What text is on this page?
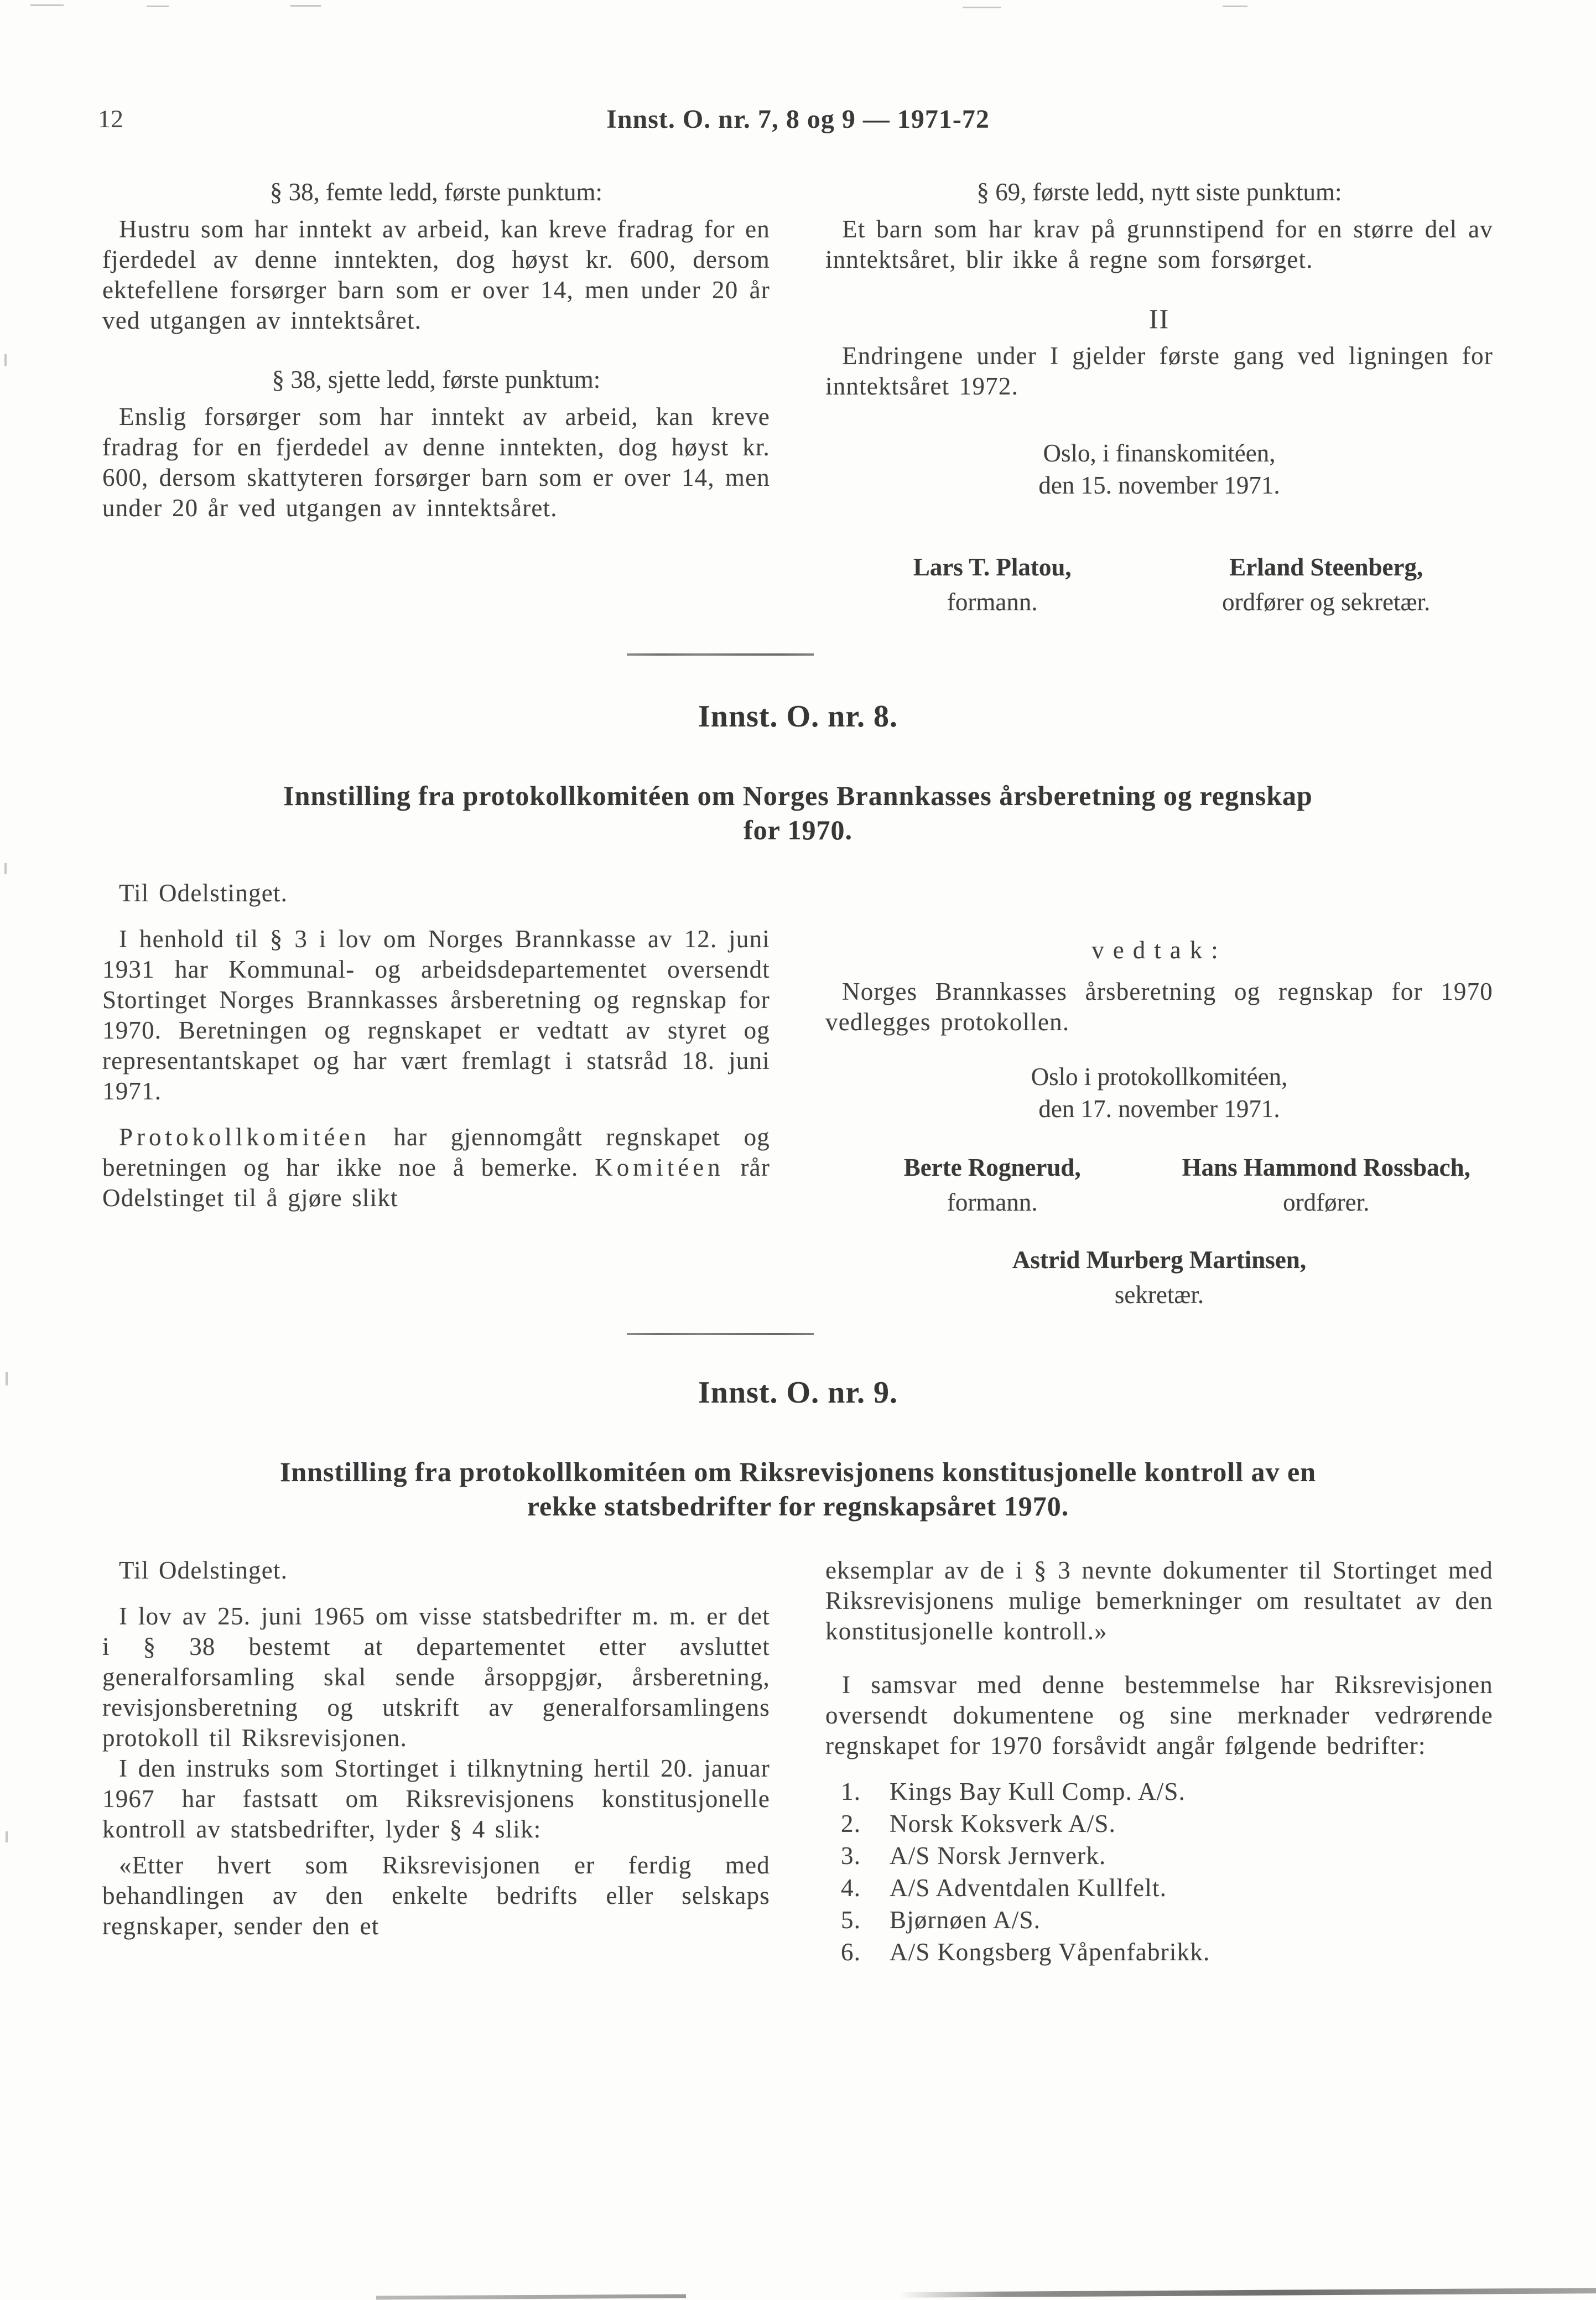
12	Innst. O. nr. 7, 8 og 9 — 1971-72
§ 38, femte ledd, første punktum:

Hustru som har inntekt av arbeid, kan kreve fradrag for en fjerdedel av denne inntekten, dog høyst kr. 600, dersom ektefellene forsørger barn som er over 14, men under 20 år ved utgangen av inntektsåret.

§ 38, sjette ledd, første punktum:

Enslig forsørger som har inntekt av arbeid, kan kreve fradrag for en fjerdedel av denne inntekten, dog høyst kr. 600, dersom skattyteren forsørger barn som er over 14, men under 20 år ved utgangen av inntektsåret.

§ 69, første ledd, nytt siste punktum:

Et barn som har krav på grunnstipend for en større del av inntektsåret, blir ikke å regne som forsørget.

II

Endringene under I gjelder første gang ved ligningen for inntektsåret 1972.

Oslo, i finanskomitéen,
den 15. november 1971.
Lars T. Platou,
formann.
Erland Steenberg,
ordfører og sekretær.
Innst. O. nr. 8.
Innstilling fra protokollkomitéen om Norges Brannkasses årsberetning og regnskap
for 1970.

Til Odelstinget.

I henhold til § 3 i lov om Norges Brannkasse av 12. juni 1931 har Kommunal- og arbeidsdepartementet oversendt Stortinget Norges Brannkasses årsberetning og regnskap for 1970. Beretningen og regnskapet er vedtatt av styret og representantskapet og har vært fremlagt i statsråd 18. juni 1971.

Protokollkomitéen har gjennomgått regnskapet og beretningen og har ikke noe å bemerke. Komitéen rår Odelstinget til å gjøre slikt

vedtak:

Norges Brannkasses årsberetning og regnskap for 1970 vedlegges protokollen.

Oslo i protokollkomitéen,
den 17. november 1971.
Berte Rognerud,
formann.
Hans Hammond Rossbach,
ordfører.
Astrid Murberg Martinsen,
sekretær.
Innst. O. nr. 9.
Innstilling fra protokollkomitéen om Riksrevisjonens konstitusjonelle kontroll av en
rekke statsbedrifter for regnskapsåret 1970.

Til Odelstinget.

I lov av 25. juni 1965 om visse statsbedrifter m. m. er det i § 38 bestemt at departementet etter avsluttet generalforsamling skal sende årsoppgjør, årsberetning, revisjonsberetning og utskrift av generalforsamlingens protokoll til Riksrevisjonen.

I den instruks som Stortinget i tilknytning hertil 20. januar 1967 har fastsatt om Riksrevisjonens konstitusjonelle kontroll av statsbedrifter, lyder § 4 slik:

«Etter hvert som Riksrevisjonen er ferdig med behandlingen av den enkelte bedrifts eller selskaps regnskaper, sender den et

eksemplar av de i § 3 nevnte dokumenter til Stortinget med Riksrevisjonens mulige bemerkninger om resultatet av den konstitusjonelle kontroll.»

I samsvar med denne bestemmelse har Riksrevisjonen oversendt dokumentene og sine merknader vedrørende regnskapet for 1970 forsåvidt angår følgende bedrifter:

1.	Kings Bay Kull Comp. A/S.
2.	Norsk Koksverk A/S.
3.	A/S Norsk Jernverk.
4.	A/S Adventdalen Kullfelt.
5.	Bjørnøen A/S.
6.	A/S Kongsberg Våpenfabrikk.
